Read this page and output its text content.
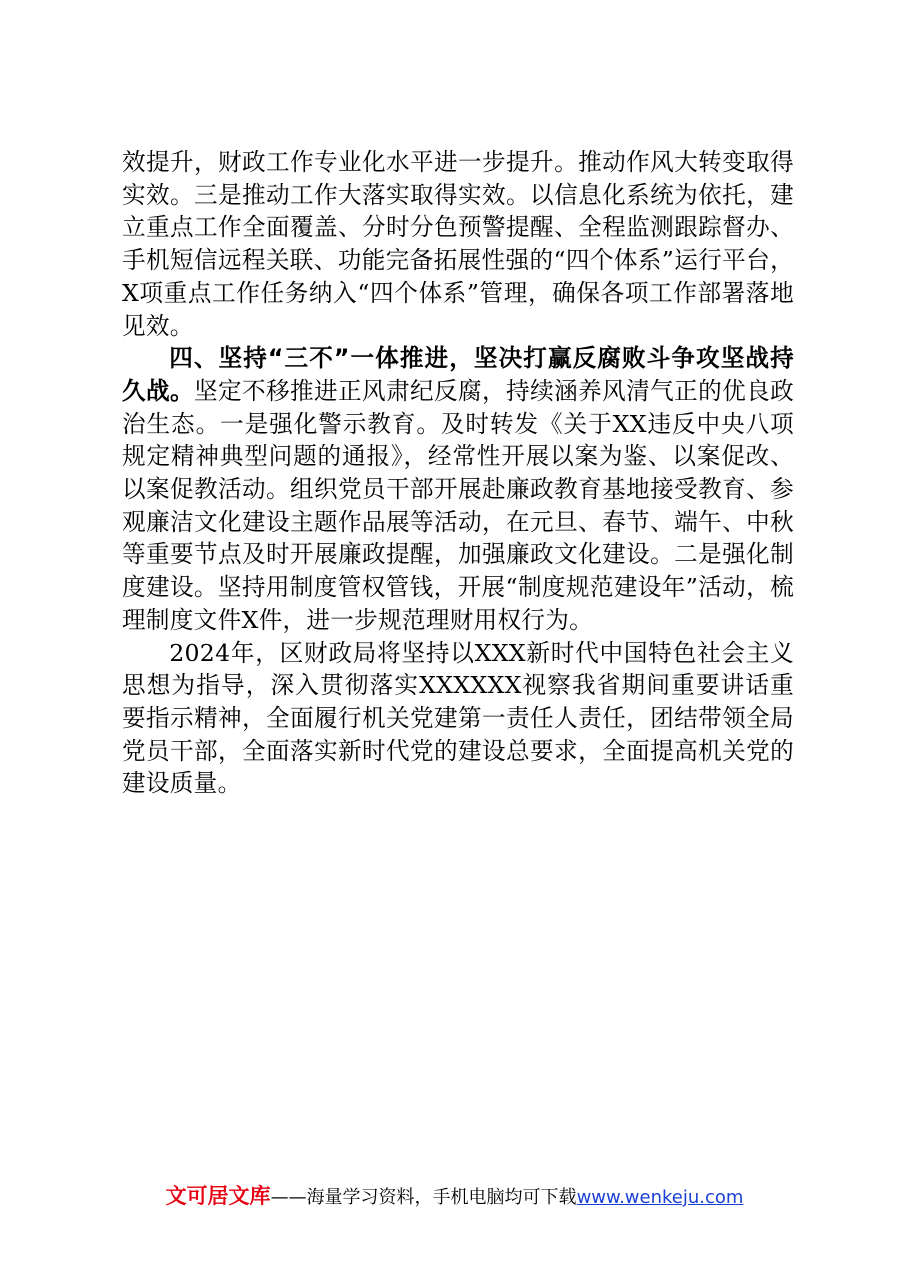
效提升，财政工作专业化水平进一步提升。推动作风大转变取得实效。三是推动工作大落实取得实效。以信息化系统为依托，建立重点工作全面覆盖、分时分色预警提醒、全程监测跟踪督办、手机短信远程关联、功能完备拓展性强的“四个体系”运行平台，X项重点工作任务纳入“四个体系”管理，确保各项工作部署落地见效。

四、坚持“三不”一体推进，坚决打赢反腐败斗争攻坚战持久战。坚定不移推进正风肃纪反腐，持续涵养风清气正的优良政治生态。一是强化警示教育。及时转发《关于XX违反中央八项规定精神典型问题的通报》，经常性开展以案为鉴、以案促改、以案促教活动。组织党员干部开展赴廉政教育基地接受教育、参观廉洁文化建设主题作品展等活动，在元旦、春节、端午、中秋等重要节点及时开展廉政提醒，加强廉政文化建设。二是强化制度建设。坚持用制度管权管钱，开展“制度规范建设年”活动，梳理制度文件X件，进一步规范理财用权行为。

2024年，区财政局将坚持以XXX新时代中国特色社会主义思想为指导，深入贯彻落实XXXXXX视察我省期间重要讲话重要指示精神，全面履行机关党建第一责任人责任，团结带领全局党员干部，全面落实新时代党的建设总要求，全面提高机关党的建设质量。

文可居文库——海量学习资料，手机电脑均可下载www.wenkeju.com
